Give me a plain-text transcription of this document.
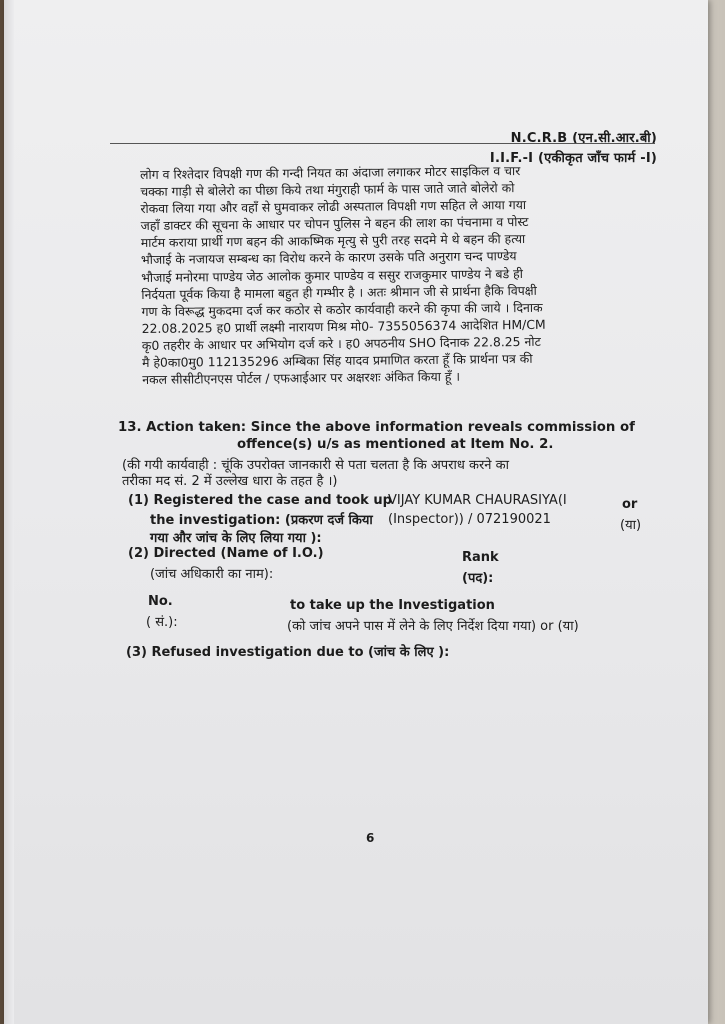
N.C.R.B (एन.सी.आर.बी)
I.I.F.-I (एकीकृत जाँच फार्म -I)
लोग व रिश्तेदार विपक्षी गण की गन्दी नियत का अंदाजा लगाकर मोटर साइकिल व चार
चक्का गाड़ी से बोलेरो का पीछा किये तथा मंगुराही फार्म के पास जाते जाते बोलेरो को
रोकवा लिया गया और वहाँ से घुमवाकर लोढी अस्पताल विपक्षी गण सहित ले आया गया
जहाँ डाक्टर की सूचना के आधार पर चोपन पुलिस ने बहन की लाश का पंचनामा व पोस्ट
मार्टम कराया प्रार्थी गण बहन की आकष्मिक मृत्यु से पुरी तरह सदमे मे थे बहन की हत्या
भौजाई के नजायज सम्बन्ध का विरोध करने के कारण उसके पति अनुराग चन्द पाण्डेय
भौजाई मनोरमा पाण्डेय जेठ आलोक कुमार पाण्डेय व ससुर राजकुमार पाण्डेय ने बडे ही
निर्दयता पूर्वक किया है मामला बहुत ही गम्भीर है । अतः श्रीमान जी से प्रार्थना हैकि विपक्षी
गण के विरूद्ध मुकदमा दर्ज कर कठोर से कठोर कार्यवाही करने की कृपा की जाये । दिनाक
22.08.2025 ह0 प्रार्थी लक्ष्मी नारायण मिश्र मो0- 7355056374 आदेशित HM/CM
कृ0 तहरीर के आधार पर अभियोग दर्ज करे । ह0 अपठनीय SHO दिनाक 22.8.25 नोट
मै हे0का0मु0 112135296 अम्बिका सिंह यादव प्रमाणित करता हूँ कि प्रार्थना पत्र की
नकल सीसीटीएनएस पोर्टल / एफआईआर पर अक्षरशः अंकित किया हूँ ।
13. Action taken: Since the above information reveals commission of
offence(s) u/s as mentioned at Item No. 2.
(की गयी कार्यवाही : चूंकि उपरोक्त जानकारी से पता चलता है कि अपराध करने का
तरीका मद सं. 2 में उल्लेख धारा के तहत है ।)
(1) Registered the case and took up
the investigation: (प्रकरण दर्ज किया
गया और जांच के लिए लिया गया ):
VIJAY KUMAR CHAURASIYA(I
(Inspector)) / 072190021
or
(या)
(2) Directed (Name of I.O.)
(जांच अधिकारी का नाम):
Rank
(पद):
No.
( सं.):
to take up the Investigation
(को जांच अपने पास में लेने के लिए निर्देश दिया गया) or (या)
(3) Refused investigation due to (जांच के लिए ):
6
